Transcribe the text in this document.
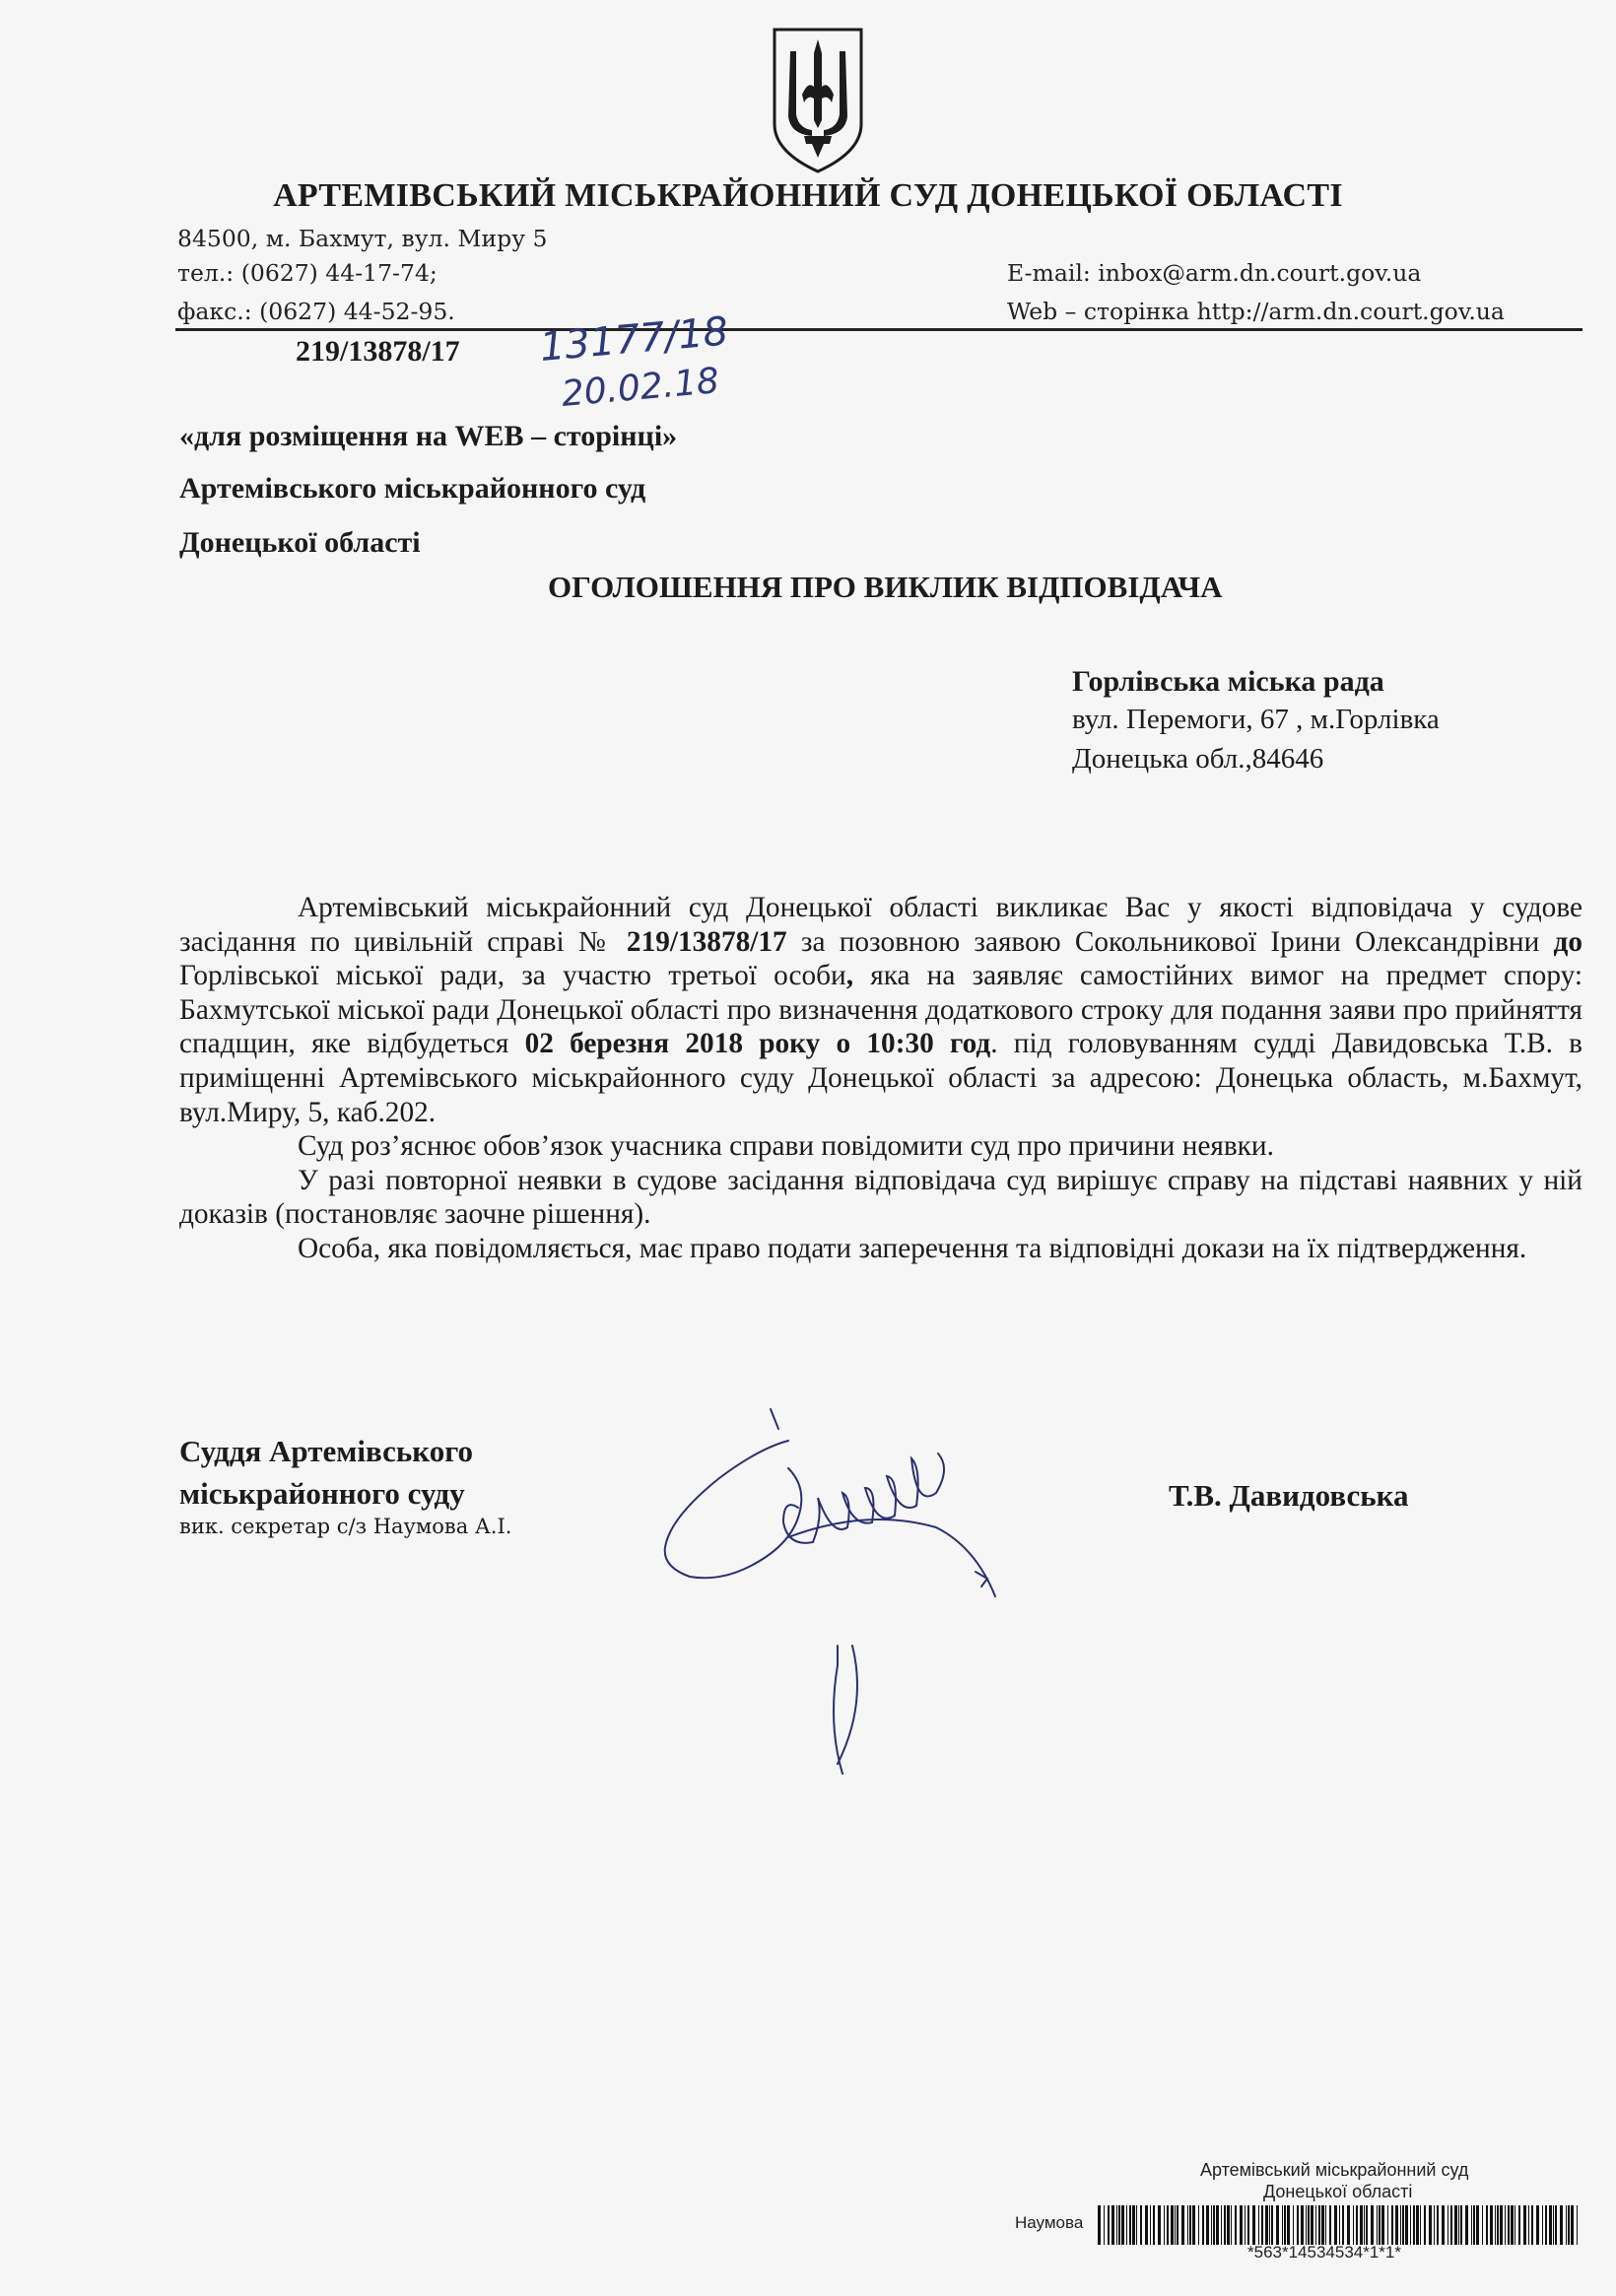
АРТЕМІВСЬКИЙ МІСЬКРАЙОННИЙ СУД ДОНЕЦЬКОЇ ОБЛАСТІ
84500, м. Бахмут, вул. Миру 5
тел.: (0627) 44-17-74;
факс.: (0627) 44-52-95.
E-mail: inbox@arm.dn.court.gov.ua
Web – сторінка http://arm.dn.court.gov.ua
219/13878/17 13177/18
20.02.18
«для розміщення на WEB – сторінці»
Артемівського міськрайонного суд
Донецької області
ОГОЛОШЕННЯ ПРО ВИКЛИК ВІДПОВІДАЧА
Горлівська міська рада
вул. Перемоги, 67 , м.Горлівка
Донецька обл.,84646

Артемівський міськрайонний суд Донецької області викликає Вас у якості відповідача у судове засідання по цивільній справі № 219/13878/17 за позовною заявою Сокольникової Ірини Олександрівни до Горлівської міської ради, за участю третьої особи, яка на заявляє самостійних вимог на предмет спору: Бахмутської міської ради Донецької області про визначення додаткового строку для подання заяви про прийняття спадщин, яке відбудеться 02 березня 2018 року о 10:30 год. під головуванням судді Давидовська Т.В. в приміщенні Артемівського міськрайонного суду Донецької області за адресою: Донецька область, м.Бахмут, вул.Миру, 5, каб.202.

Суд роз’яснює обов’язок учасника справи повідомити суд про причини неявки.

У разі повторної неявки в судове засідання відповідача суд вирішує справу на підставі наявних у ній доказів (постановляє заочне рішення).

Особа, яка повідомляється, має право подати заперечення та відповідні докази на їх підтвердження.

Суддя Артемівського
міськрайонного суду
вик. секретар с/з Наумова А.І.
Т.В. Давидовська
Артемівський міськрайонний суд
Донецької області
Наумова
*563*14534534*1*1*
